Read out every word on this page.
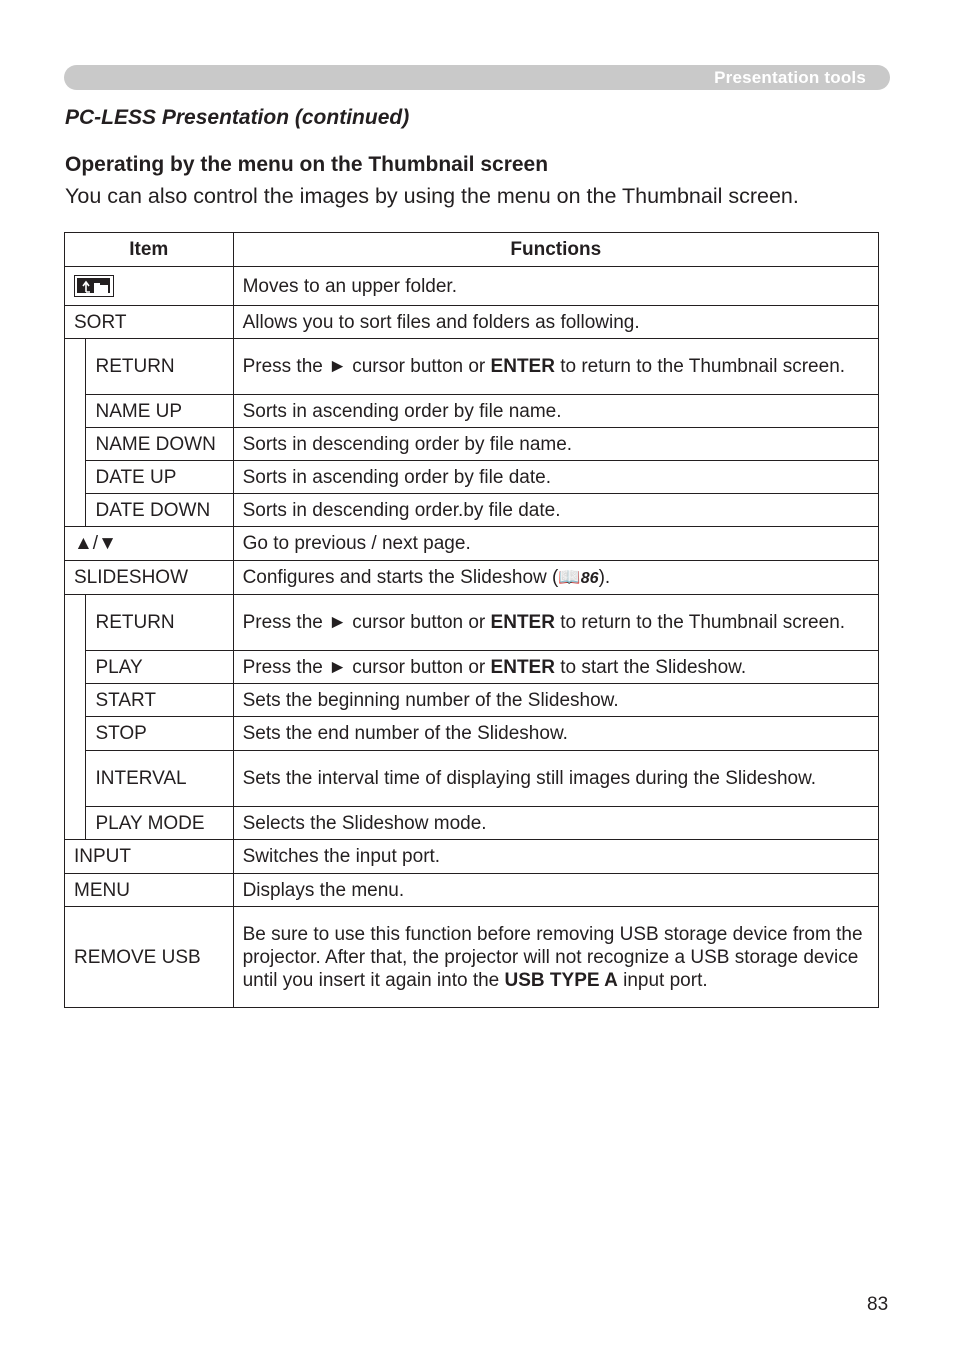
Presentation tools
PC-LESS Presentation (continued)
Operating by the menu on the Thumbnail screen
You can also control the images by using the menu on the Thumbnail screen.
Item		Functions

	Moves to an upper folder.
SORT		Allows you to sort files and folders as following.
	RETURN	Press the ► cursor button or ENTER to return to the Thumbnail screen.
	NAME UP	Sorts in ascending order by file name.
	NAME DOWN	Sorts in descending order by file name.
	DATE UP	Sorts in ascending order by file date.
	DATE DOWN	Sorts in descending order.by file date.
▲/▼		Go to previous / next page.
SLIDESHOW		Configures and starts the Slideshow (📖86).
	RETURN	Press the ► cursor button or ENTER to return to the Thumbnail screen.
	PLAY	Press the ► cursor button or ENTER to start the Slideshow.
	START	Sets the beginning number of the Slideshow.
	STOP	Sets the end number of the Slideshow.
	INTERVAL	Sets the interval time of displaying still images during the Slideshow.
	PLAY MODE	Selects the Slideshow mode.
INPUT		Switches the input port.
MENU		Displays the menu.
REMOVE USB		Be sure to use this function before removing USB storage device from the projector. After that, the projector will not recognize a USB storage device until you insert it again into the USB TYPE A input port.
83
